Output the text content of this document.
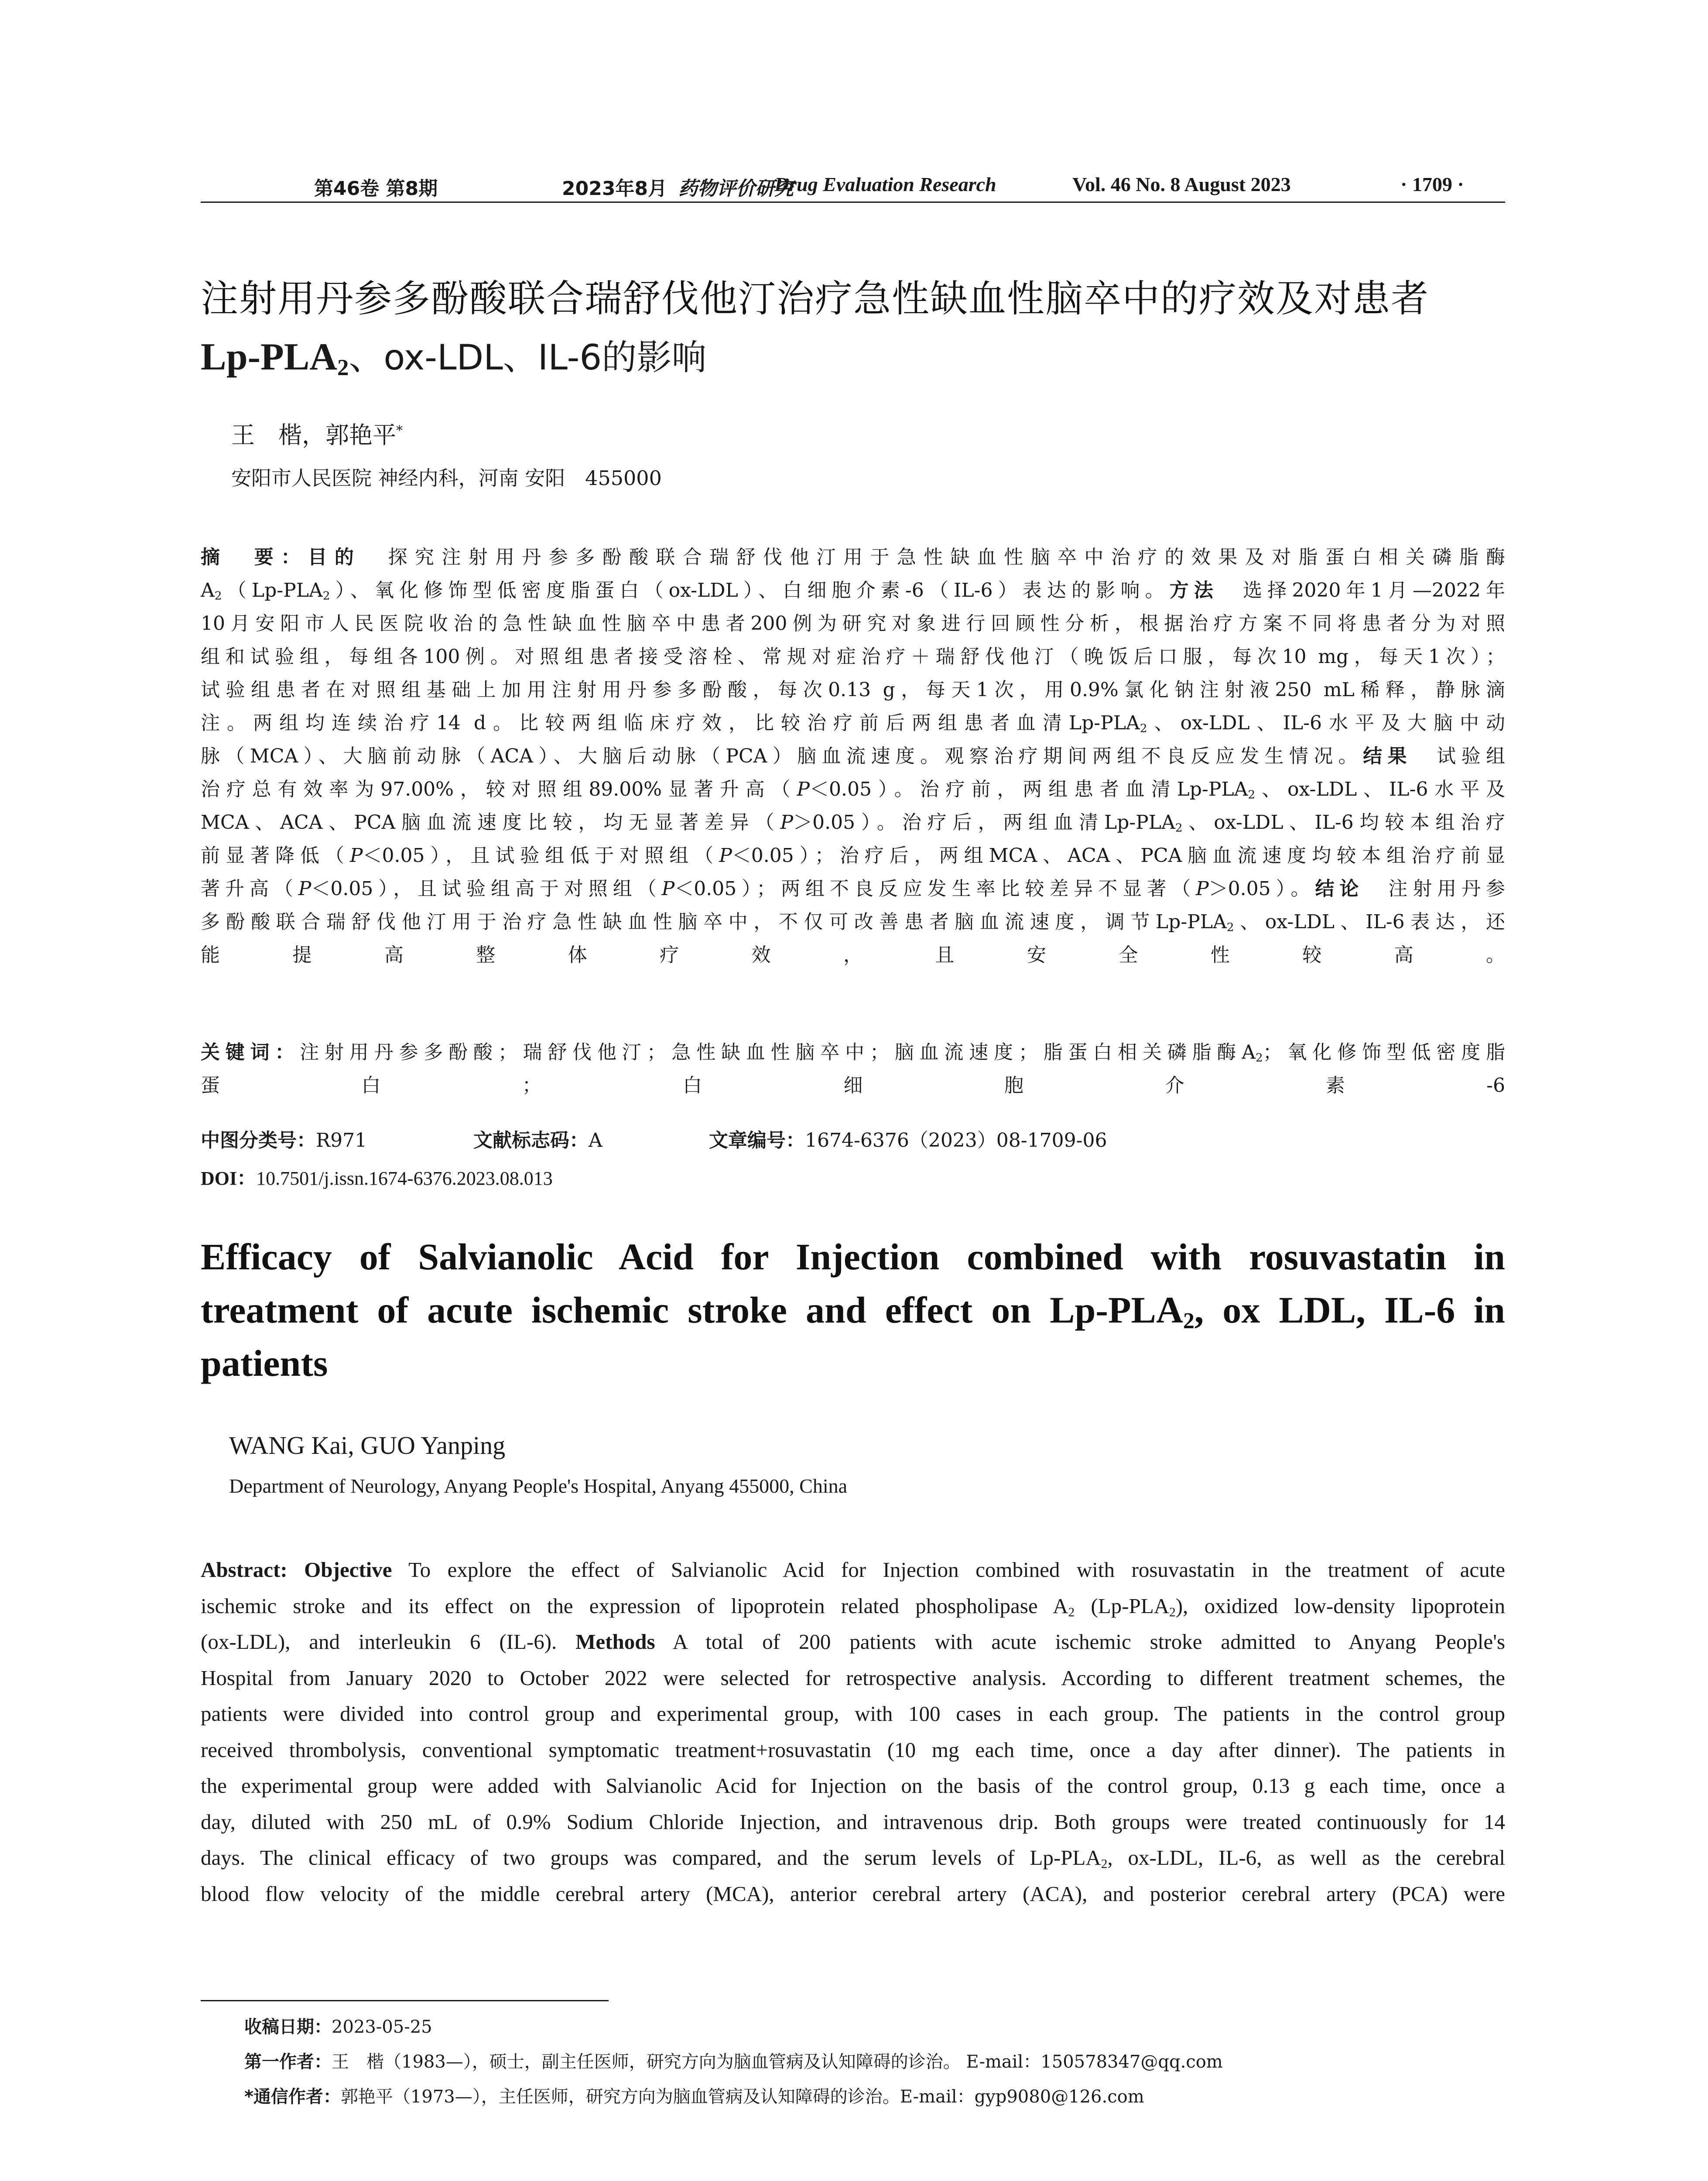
第46卷 第8期	2023年8月 药物评价研究
Drug Evaluation Research	Vol. 46 No. 8 August 2023	· 1709 ·
注射用丹参多酚酸联合瑞舒伐他汀治疗急性缺血性脑卒中的疗效及对患者
$Lp-PLA_2$、ox-LDL、IL-6的影响
王　楷，郭艳平*
安阳市人民医院 神经内科，河南 安阳　455000
摘　要：目的　 探究注射用丹参多酚酸联合瑞舒伐他汀用于急性缺血性脑卒中治疗的效果及对脂蛋白相关磷脂酶
$A_2(Lp-PLA_2)$、氧化修饰型低密度脂蛋白（ox-LDL）、白细胞介素-6（IL-6）表达的影响。方法　 选择2020年1月—2022年
10月安阳市人民医院收治的急性缺血性脑卒中患者200例为研究对象进行回顾性分析，根据治疗方案不同将患者分为对照
组和试验组，每组各100例。对照组患者接受溶栓、常规对症治疗＋瑞舒伐他汀（晚饭后口服，每次10 mg，每天1次）；
试验组患者在对照组基础上加用注射用丹参多酚酸，每次0.13 g，每天1次，用0.9%氯化钠注射液250 mL稀释，静脉滴
注。两组均连续治疗14 d。比较两组临床疗效，比较治疗前后两组患者血清$Lp-PLA_2$、ox-LDL、IL-6水平及大脑中动
脉（MCA）、大脑前动脉（ACA）、大脑后动脉（PCA）脑血流速度。观察治疗期间两组不良反应发生情况。结果　 试验组
治疗总有效率为97.00%，较对照组89.00%显著升高（P＜0.05）。治疗前，两组患者血清$Lp-PLA_2$、ox-LDL、IL-6水平及
MCA、ACA、PCA脑血流速度比较，均无显著差异（P＞0.05）。治疗后，两组血清$Lp-PLA_2$、ox-LDL、IL-6均较本组治疗
前显著降低（P＜0.05），且试验组低于对照组（P＜0.05）；治疗后，两组MCA、ACA、PCA脑血流速度均较本组治疗前显
著升高（P＜0.05），且试验组高于对照组（P＜0.05）；两组不良反应发生率比较差异不显著（P＞0.05）。结论　 注射用丹参
多酚酸联合瑞舒伐他汀用于治疗急性缺血性脑卒中，不仅可改善患者脑血流速度，调节$Lp-PLA_2$、ox-LDL、IL-6表达，还
能提高整体疗效，且安全性较高。
关键词：注射用丹参多酚酸；瑞舒伐他汀；急性缺血性脑卒中；脑血流速度；脂蛋白相关磷脂酶$A_2$；氧化修饰型低密度脂
蛋白；白细胞介素-6
中图分类号：R971	文献标志码：A	文章编号：1674-6376（2023）08-1709-06
DOI：10.7501/j.issn.1674-6376.2023.08.013
Efficacy of Salvianolic Acid for Injection combined with rosuvastatin in
treatment of acute ischemic stroke and effect on $Lp-PLA_2$, ox LDL, IL-6 in
patients
WANG Kai, GUO Yanping
Department of Neurology, Anyang People's Hospital, Anyang 455000, China
Abstract: Objective To explore the effect of Salvianolic Acid for Injection combined with rosuvastatin in the treatment of acute
ischemic stroke and its effect on the expression of lipoprotein related phospholipase $A_2$ $(Lp-PLA_2)$, oxidized low-density lipoprotein
(ox-LDL), and interleukin 6 (IL-6). Methods A total of 200 patients with acute ischemic stroke admitted to Anyang People's
Hospital from January 2020 to October 2022 were selected for retrospective analysis. According to different treatment schemes, the
patients were divided into control group and experimental group, with 100 cases in each group. The patients in the control group
received thrombolysis, conventional symptomatic treatment+rosuvastatin (10 mg each time, once a day after dinner). The patients in
the experimental group were added with Salvianolic Acid for Injection on the basis of the control group, 0.13 g each time, once a
day, diluted with 250 mL of 0.9% Sodium Chloride Injection, and intravenous drip. Both groups were treated continuously for 14
days. The clinical efficacy of two groups was compared, and the serum levels of $Lp-PLA_2$, ox-LDL, IL-6, as well as the cerebral
blood flow velocity of the middle cerebral artery (MCA), anterior cerebral artery (ACA), and posterior cerebral artery (PCA) were
收稿日期：2023-05-25
第一作者：王　楷（1983—），硕士，副主任医师，研究方向为脑血管病及认知障碍的诊治。 E-mail：150578347@qq.com
*通信作者：郭艳平（1973—），主任医师，研究方向为脑血管病及认知障碍的诊治。E-mail：gyp9080@126.com
